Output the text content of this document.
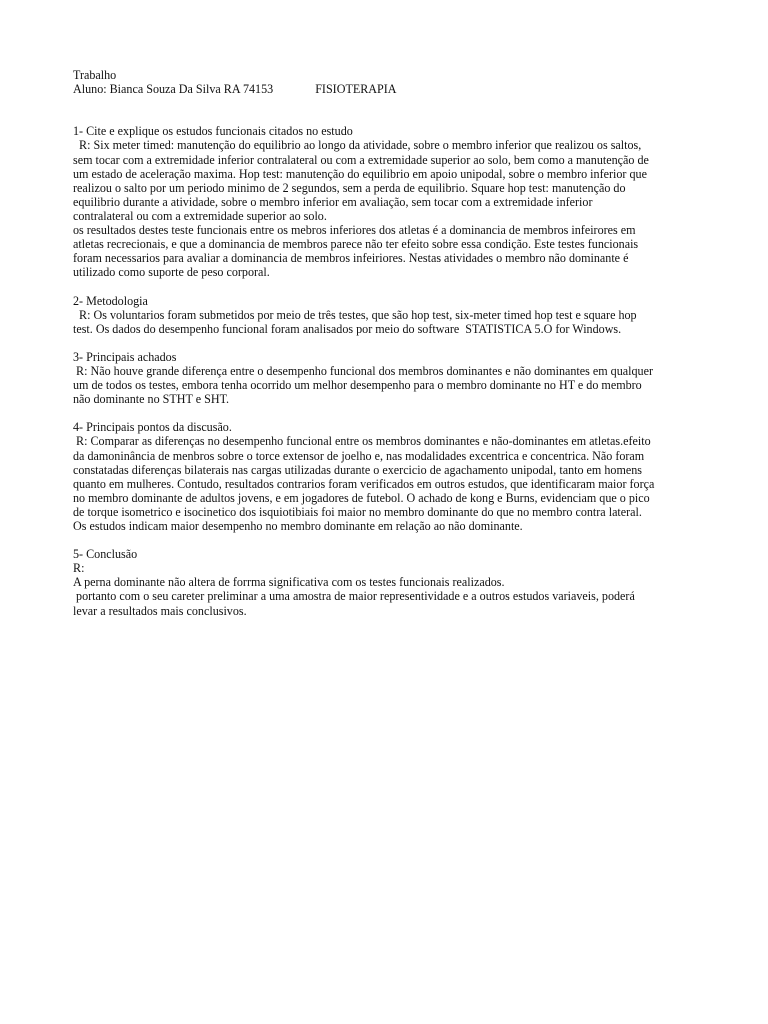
Trabalho
Aluno: Bianca Souza Da Silva RA 74153	FISIOTERAPIA
1- Cite e explique os estudos funcionais citados no estudo
R: Six meter timed: manutenção do equilibrio ao longo da atividade, sobre o membro inferior que realizou os saltos,
sem tocar com a extremidade inferior contralateral ou com a extremidade superior ao solo, bem como a manutenção de
um estado de aceleração maxima. Hop test: manutenção do equilibrio em apoio unipodal, sobre o membro inferior que
realizou o salto por um periodo minimo de 2 segundos, sem a perda de equilibrio. Square hop test: manutenção do
equilibrio durante a atividade, sobre o membro inferior em avaliação, sem tocar com a extremidade inferior
contralateral ou com a extremidade superior ao solo.
os resultados destes teste funcionais entre os mebros inferiores dos atletas é a dominancia de membros infeirores em
atletas recrecionais, e que a dominancia de membros parece não ter efeito sobre essa condição. Este testes funcionais
foram necessarios para avaliar a dominancia de membros infeiriores. Nestas atividades o membro não dominante é
utilizado como suporte de peso corporal.
2- Metodologia
R: Os voluntarios foram submetidos por meio de três testes, que são hop test, six-meter timed hop test e square hop
test. Os dados do desempenho funcional foram analisados por meio do software  STATISTICA 5.O for Windows.
3- Principais achados
R: Não houve grande diferença entre o desempenho funcional dos membros dominantes e não dominantes em qualquer
um de todos os testes, embora tenha ocorrido um melhor desempenho para o membro dominante no HT e do membro
não dominante no STHT e SHT.
4- Principais pontos da discusão.
R: Comparar as diferenças no desempenho funcional entre os membros dominantes e não-dominantes em atletas.efeito
da damoninância de menbros sobre o torce extensor de joelho e, nas modalidades excentrica e concentrica. Não foram
constatadas diferenças bilaterais nas cargas utilizadas durante o exercicio de agachamento unipodal, tanto em homens
quanto em mulheres. Contudo, resultados contrarios foram verificados em outros estudos, que identificaram maior força
no membro dominante de adultos jovens, e em jogadores de futebol. O achado de kong e Burns, evidenciam que o pico
de torque isometrico e isocinetico dos isquiotibiais foi maior no membro dominante do que no membro contra lateral.
Os estudos indicam maior desempenho no membro dominante em relação ao não dominante.
5- Conclusão
R:
A perna dominante não altera de forrma significativa com os testes funcionais realizados.
portanto com o seu careter preliminar a uma amostra de maior representividade e a outros estudos variaveis, poderá
levar a resultados mais conclusivos.
